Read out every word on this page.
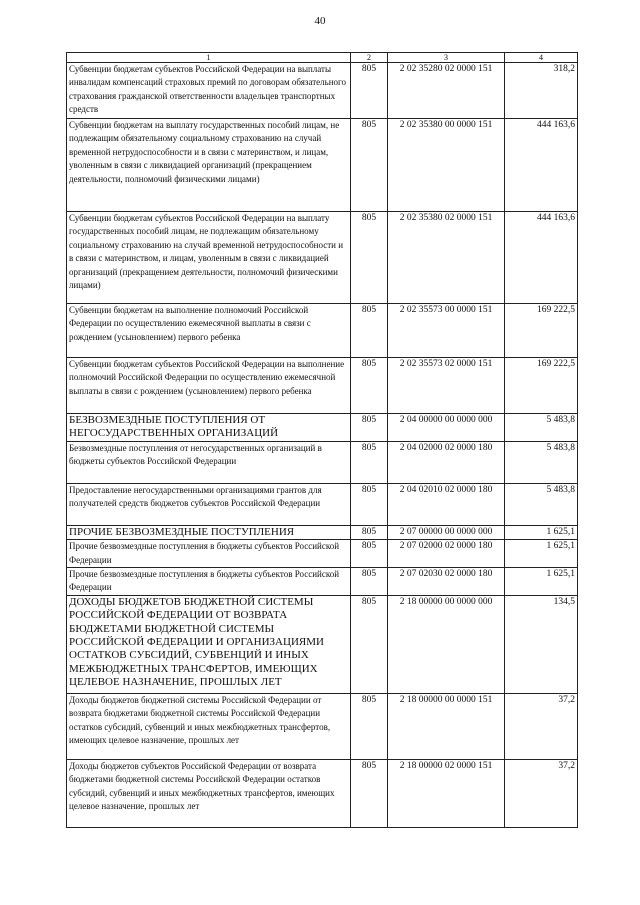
40
1	2	3	4
Субвенции бюджетам субъектов Российской Федерации на выплаты инвалидам компенсаций страховых премий по договорам обязательного страхования гражданской ответственности владельцев транспортных средств	805	2 02 35280 02 0000 151	318,2
Субвенции бюджетам на выплату государственных пособий лицам, не подлежащим обязательному социальному страхованию на случай временной нетрудоспособности и в связи с материнством, и лицам, уволенным в связи с ликвидацией организаций (прекращением деятельности, полномочий физическими лицами)	805	2 02 35380 00 0000 151	444 163,6
Субвенции бюджетам субъектов Российской Федерации на выплату государственных пособий лицам, не подлежащим обязательному социальному страхованию на случай временной нетрудоспособности и в связи с материнством, и лицам, уволенным в связи с ликвидацией организаций (прекращением деятельности, полномочий физическими лицами)	805	2 02 35380 02 0000 151	444 163,6
Субвенции бюджетам на выполнение полномочий Российской Федерации по осуществлению ежемесячной выплаты в связи с рождением (усыновлением) первого ребенка	805	2 02 35573 00 0000 151	169 222,5
Субвенции бюджетам субъектов Российской Федерации на выполнение полномочий Российской Федерации по осуществлению ежемесячной выплаты в связи с рождением (усыновлением) первого ребенка	805	2 02 35573 02 0000 151	169 222,5
БЕЗВОЗМЕЗДНЫЕ ПОСТУПЛЕНИЯ ОТ НЕГОСУДАРСТВЕННЫХ ОРГАНИЗАЦИЙ	805	2 04 00000 00 0000 000	5 483,8
Безвозмездные поступления от негосударственных организаций в бюджеты субъектов Российской Федерации	805	2 04 02000 02 0000 180	5 483,8
Предоставление негосударственными организациями грантов для получателей средств бюджетов субъектов Российской Федерации	805	2 04 02010 02 0000 180	5 483,8
ПРОЧИЕ БЕЗВОЗМЕЗДНЫЕ ПОСТУПЛЕНИЯ	805	2 07 00000 00 0000 000	1 625,1
Прочие безвозмездные поступления в бюджеты субъектов Российской Федерации	805	2 07 02000 02 0000 180	1 625,1
Прочие безвозмездные поступления в бюджеты субъектов Российской Федерации	805	2 07 02030 02 0000 180	1 625,1
ДОХОДЫ БЮДЖЕТОВ БЮДЖЕТНОЙ СИСТЕМЫ РОССИЙСКОЙ ФЕДЕРАЦИИ ОТ ВОЗВРАТА БЮДЖЕТАМИ БЮДЖЕТНОЙ СИСТЕМЫ РОССИЙСКОЙ ФЕДЕРАЦИИ И ОРГАНИЗАЦИЯМИ ОСТАТКОВ СУБСИДИЙ, СУБВЕНЦИЙ И ИНЫХ МЕЖБЮДЖЕТНЫХ ТРАНСФЕРТОВ, ИМЕЮЩИХ ЦЕЛЕВОЕ НАЗНАЧЕНИЕ, ПРОШЛЫХ ЛЕТ	805	2 18 00000 00 0000 000	134,5
Доходы бюджетов бюджетной системы Российской Федерации от возврата бюджетами бюджетной системы Российской Федерации остатков субсидий, субвенций и иных межбюджетных трансфертов, имеющих целевое назначение, прошлых лет	805	2 18 00000 00 0000 151	37,2
Доходы бюджетов субъектов Российской Федерации от возврата бюджетами бюджетной системы Российской Федерации остатков субсидий, субвенций и иных межбюджетных трансфертов, имеющих целевое назначение, прошлых лет	805	2 18 00000 02 0000 151	37,2
